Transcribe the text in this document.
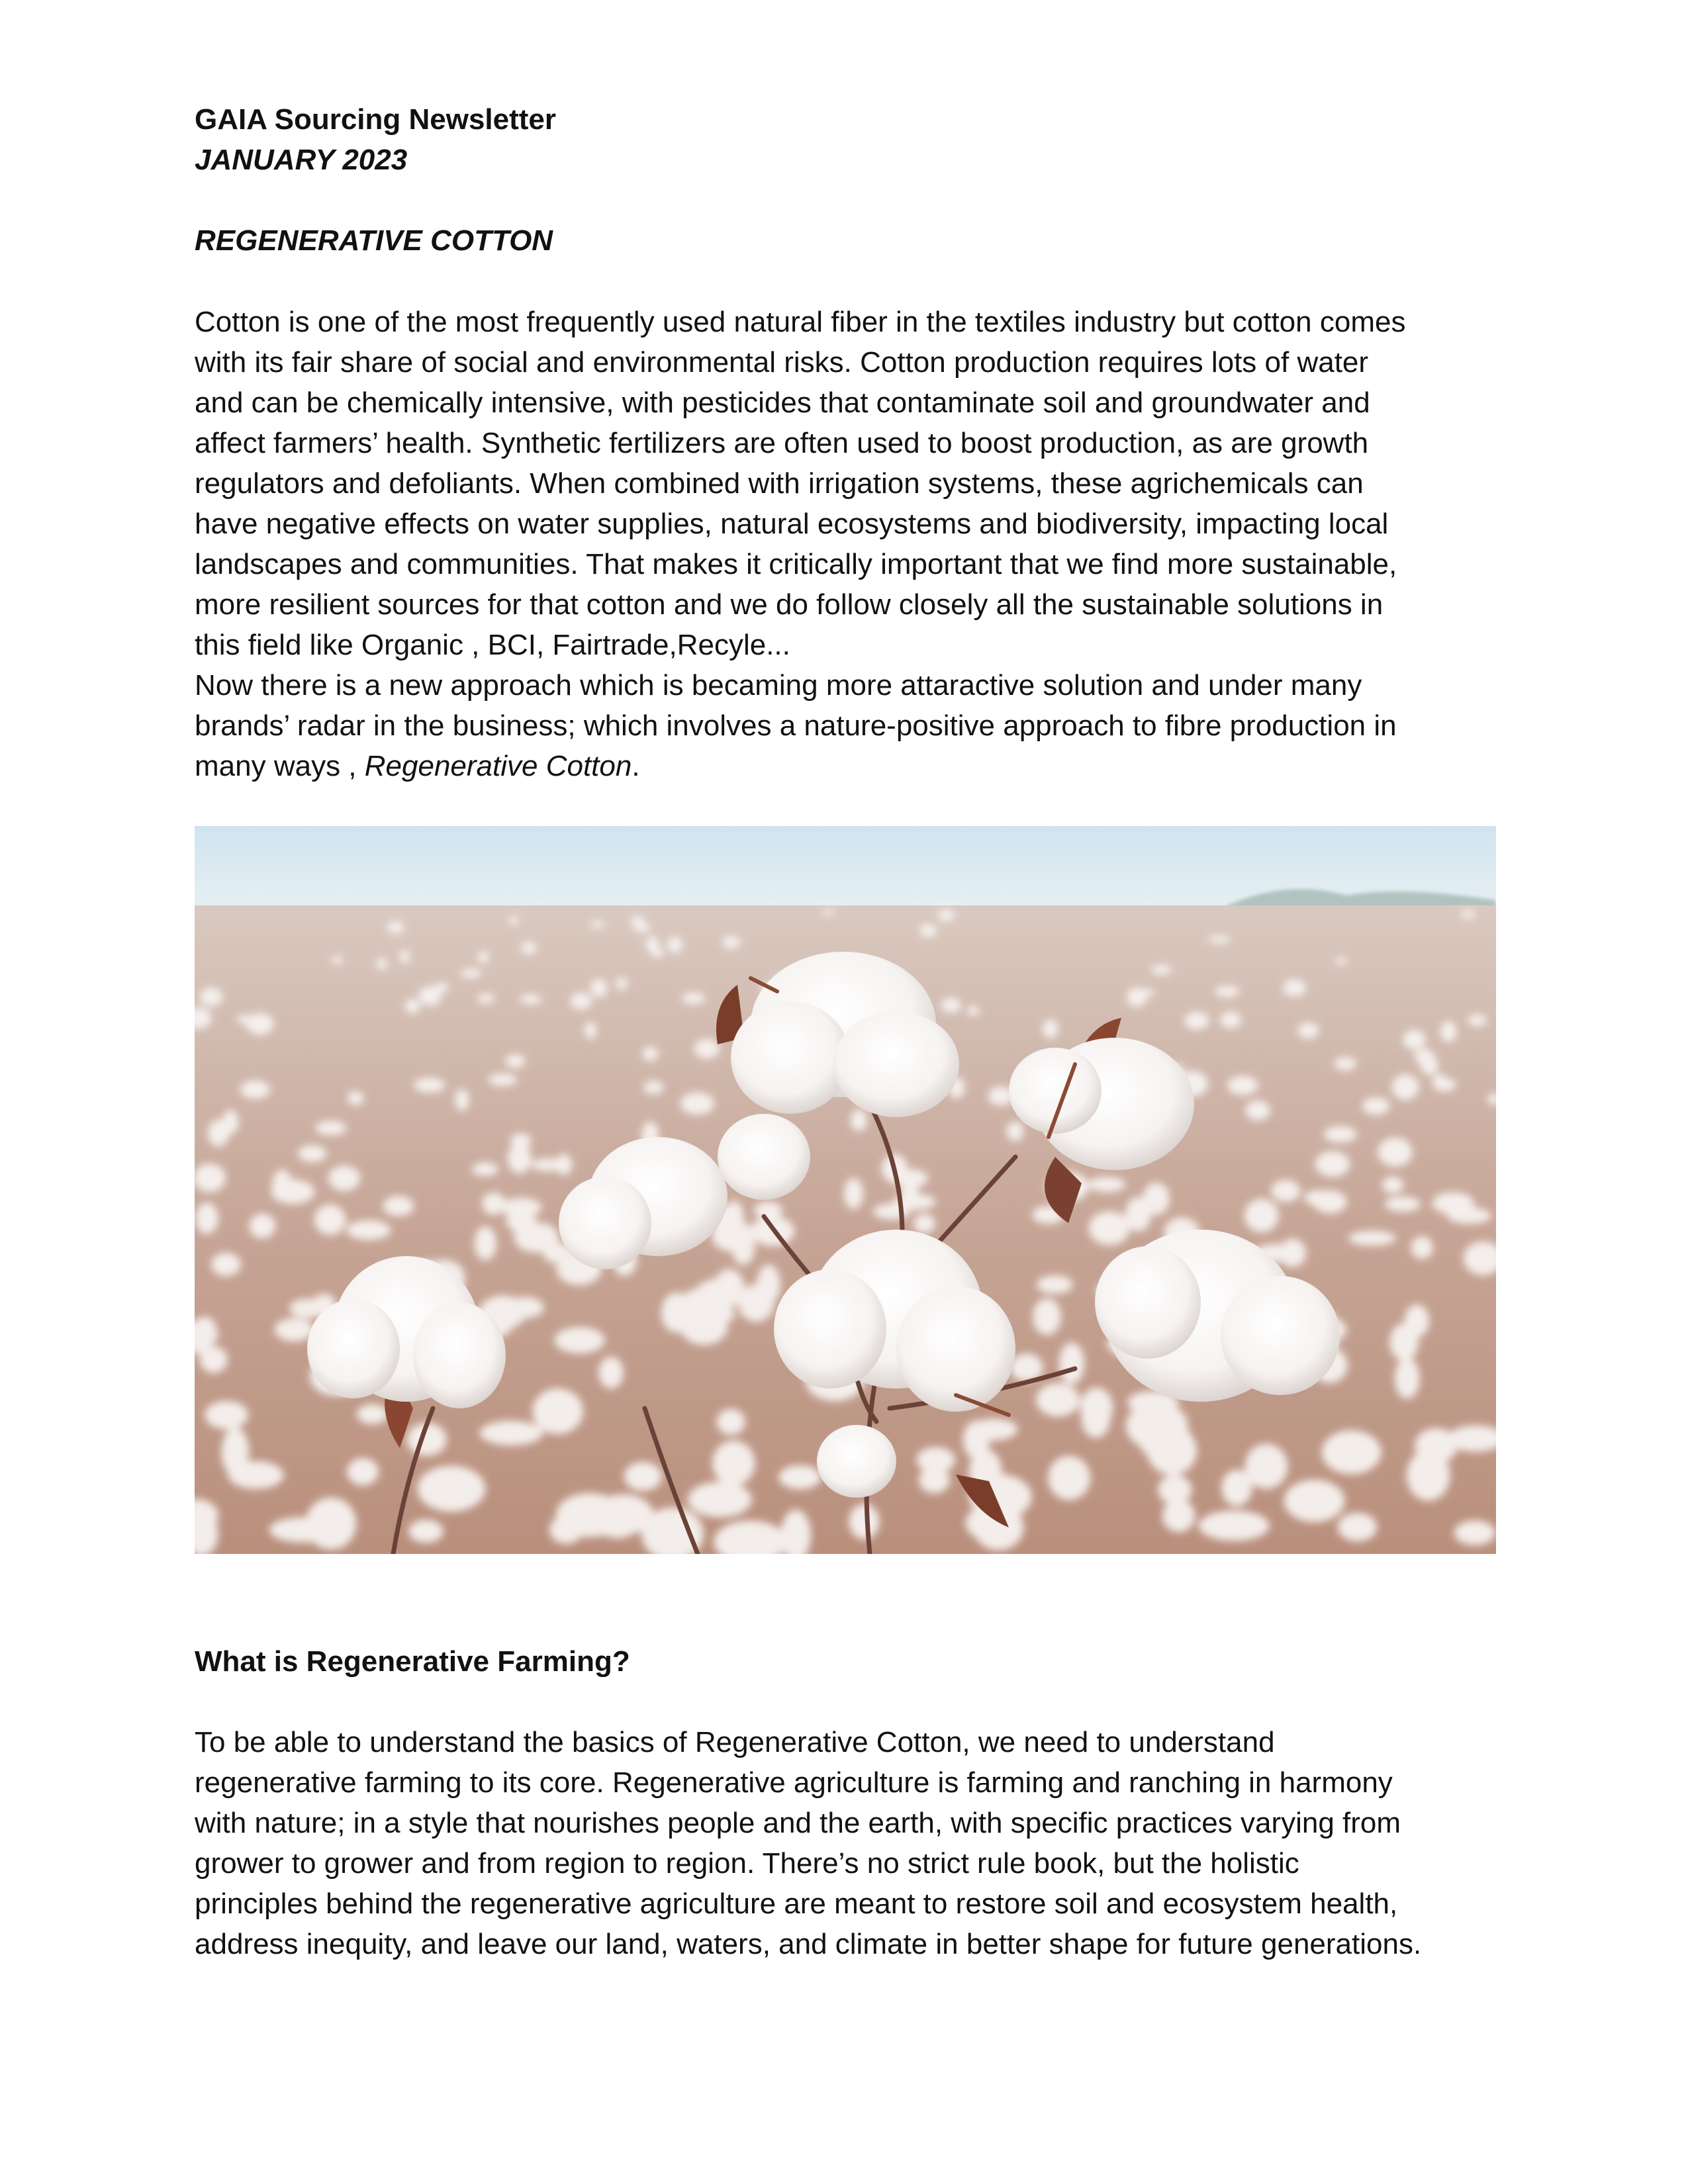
GAIA Sourcing Newsletter
JANUARY 2023
REGENERATIVE COTTON
Cotton is one of the most frequently used natural fiber in the textiles industry but cotton comes
with its fair share of social and environmental risks. Cotton production requires lots of water
and can be chemically intensive, with pesticides that contaminate soil and groundwater and
affect farmers’ health. Synthetic fertilizers are often used to boost production, as are growth
regulators and defoliants. When combined with irrigation systems, these agrichemicals can
have negative effects on water supplies, natural ecosystems and biodiversity, impacting local
landscapes and communities. That makes it critically important that we find more sustainable,
more resilient sources for that cotton and we do follow closely all the sustainable solutions in
this field like Organic , BCI, Fairtrade,Recyle...
Now there is a new approach which is becaming more attaractive solution and under many
brands’ radar in the business; which involves a nature-positive approach to fibre production in
many ways , Regenerative Cotton.
What is Regenerative Farming?
To be able to understand the basics of Regenerative Cotton, we need to understand
regenerative farming to its core. Regenerative agriculture is farming and ranching in harmony
with nature; in a style that nourishes people and the earth, with specific practices varying from
grower to grower and from region to region. There’s no strict rule book, but the holistic
principles behind the regenerative agriculture are meant to restore soil and ecosystem health,
address inequity, and leave our land, waters, and climate in better shape for future generations.
